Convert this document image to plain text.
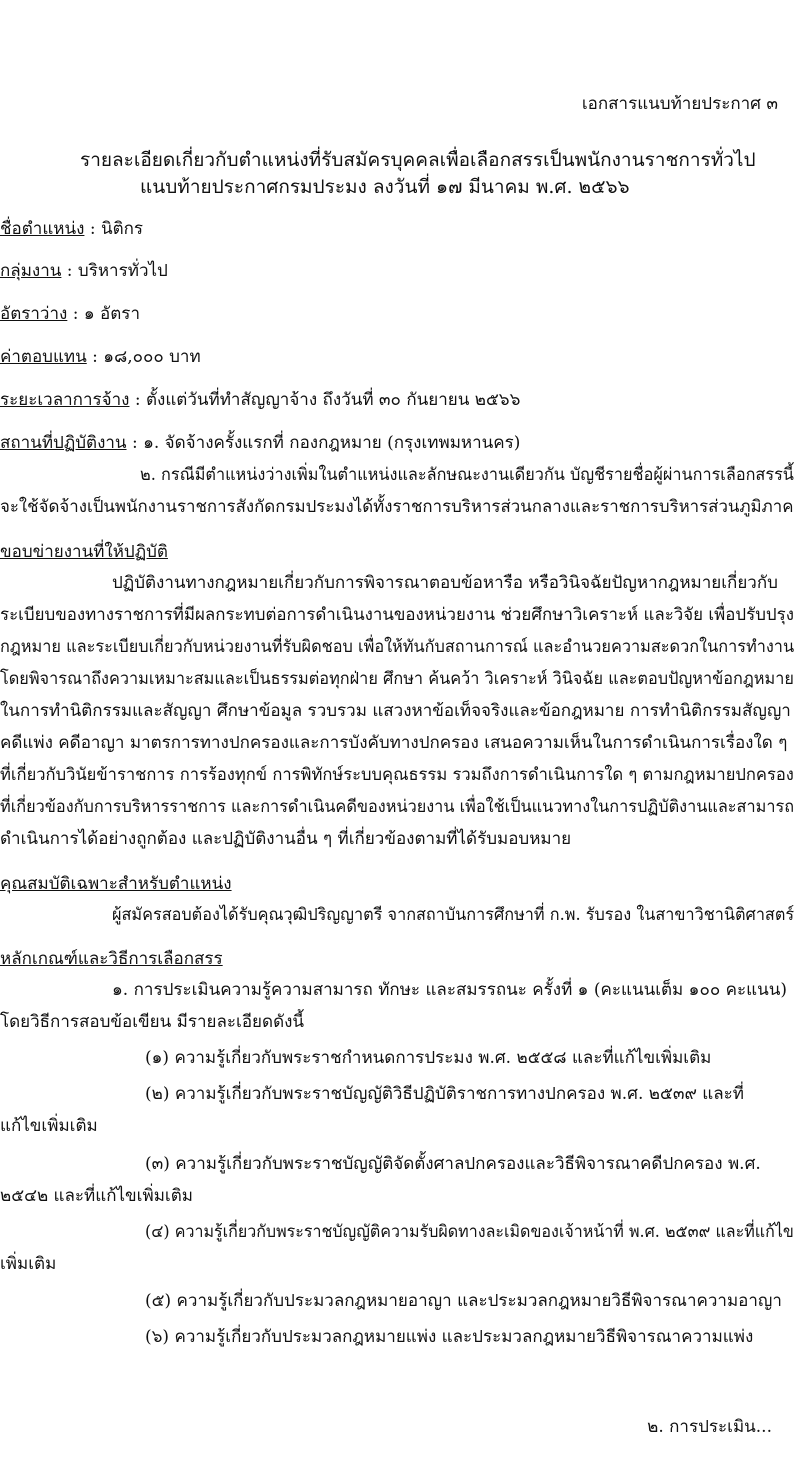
เอกสารแนบท้ายประกาศ ๓
รายละเอียดเกี่ยวกับตำแหน่งที่รับสมัครบุคคลเพื่อเลือกสรรเป็นพนักงานราชการทั่วไป
แนบท้ายประกาศกรมประมง ลงวันที่ ๑๗ มีนาคม พ.ศ. ๒๕๖๖
ชื่อตำแหน่ง : นิติกร
กลุ่มงาน : บริหารทั่วไป
อัตราว่าง : ๑ อัตรา
ค่าตอบแทน : ๑๘,๐๐๐ บาท
ระยะเวลาการจ้าง : ตั้งแต่วันที่ทำสัญญาจ้าง ถึงวันที่ ๓๐ กันยายน ๒๕๖๖
สถานที่ปฏิบัติงาน : ๑. จัดจ้างครั้งแรกที่ กองกฎหมาย (กรุงเทพมหานคร)
๒. กรณีมีตำแหน่งว่างเพิ่มในตำแหน่งและลักษณะงานเดียวกัน บัญชีรายชื่อผู้ผ่านการเลือกสรรนี้
จะใช้จัดจ้างเป็นพนักงานราชการสังกัดกรมประมงได้ทั้งราชการบริหารส่วนกลางและราชการบริหารส่วนภูมิภาค
ขอบข่ายงานที่ให้ปฏิบัติ
ปฏิบัติงานทางกฎหมายเกี่ยวกับการพิจารณาตอบข้อหารือ หรือวินิจฉัยปัญหากฎหมายเกี่ยวกับ
ระเบียบของทางราชการที่มีผลกระทบต่อการดำเนินงานของหน่วยงาน ช่วยศึกษาวิเคราะห์ และวิจัย เพื่อปรับปรุง
กฎหมาย และระเบียบเกี่ยวกับหน่วยงานที่รับผิดชอบ เพื่อให้ทันกับสถานการณ์ และอำนวยความสะดวกในการทำงาน
โดยพิจารณาถึงความเหมาะสมและเป็นธรรมต่อทุกฝ่าย ศึกษา ค้นคว้า วิเคราะห์ วินิจฉัย และตอบปัญหาข้อกฎหมาย
ในการทำนิติกรรมและสัญญา ศึกษาข้อมูล รวบรวม แสวงหาข้อเท็จจริงและข้อกฎหมาย การทำนิติกรรมสัญญา
คดีแพ่ง คดีอาญา มาตรการทางปกครองและการบังคับทางปกครอง เสนอความเห็นในการดำเนินการเรื่องใด ๆ
ที่เกี่ยวกับวินัยข้าราชการ การร้องทุกข์ การพิทักษ์ระบบคุณธรรม รวมถึงการดำเนินการใด ๆ ตามกฎหมายปกครอง
ที่เกี่ยวข้องกับการบริหารราชการ และการดำเนินคดีของหน่วยงาน เพื่อใช้เป็นแนวทางในการปฏิบัติงานและสามารถ
ดำเนินการได้อย่างถูกต้อง และปฏิบัติงานอื่น ๆ ที่เกี่ยวข้องตามที่ได้รับมอบหมาย
คุณสมบัติเฉพาะสำหรับตำแหน่ง
ผู้สมัครสอบต้องได้รับคุณวุฒิปริญญาตรี จากสถาบันการศึกษาที่ ก.พ. รับรอง ในสาขาวิชานิติศาสตร์
หลักเกณฑ์และวิธีการเลือกสรร
๑. การประเมินความรู้ความสามารถ ทักษะ และสมรรถนะ ครั้งที่ ๑ (คะแนนเต็ม ๑๐๐ คะแนน)
โดยวิธีการสอบข้อเขียน มีรายละเอียดดังนี้
(๑) ความรู้เกี่ยวกับพระราชกำหนดการประมง พ.ศ. ๒๕๕๘ และที่แก้ไขเพิ่มเติม
(๒) ความรู้เกี่ยวกับพระราชบัญญัติวิธีปฏิบัติราชการทางปกครอง พ.ศ. ๒๕๓๙ และที่
แก้ไขเพิ่มเติม
(๓) ความรู้เกี่ยวกับพระราชบัญญัติจัดตั้งศาลปกครองและวิธีพิจารณาคดีปกครอง พ.ศ.
๒๕๔๒ และที่แก้ไขเพิ่มเติม
(๔) ความรู้เกี่ยวกับพระราชบัญญัติความรับผิดทางละเมิดของเจ้าหน้าที่ พ.ศ. ๒๕๓๙ และที่แก้ไข
เพิ่มเติม
(๕) ความรู้เกี่ยวกับประมวลกฎหมายอาญา และประมวลกฎหมายวิธีพิจารณาความอาญา
(๖) ความรู้เกี่ยวกับประมวลกฎหมายแพ่ง และประมวลกฎหมายวิธีพิจารณาความแพ่ง
๒. การประเมิน...
